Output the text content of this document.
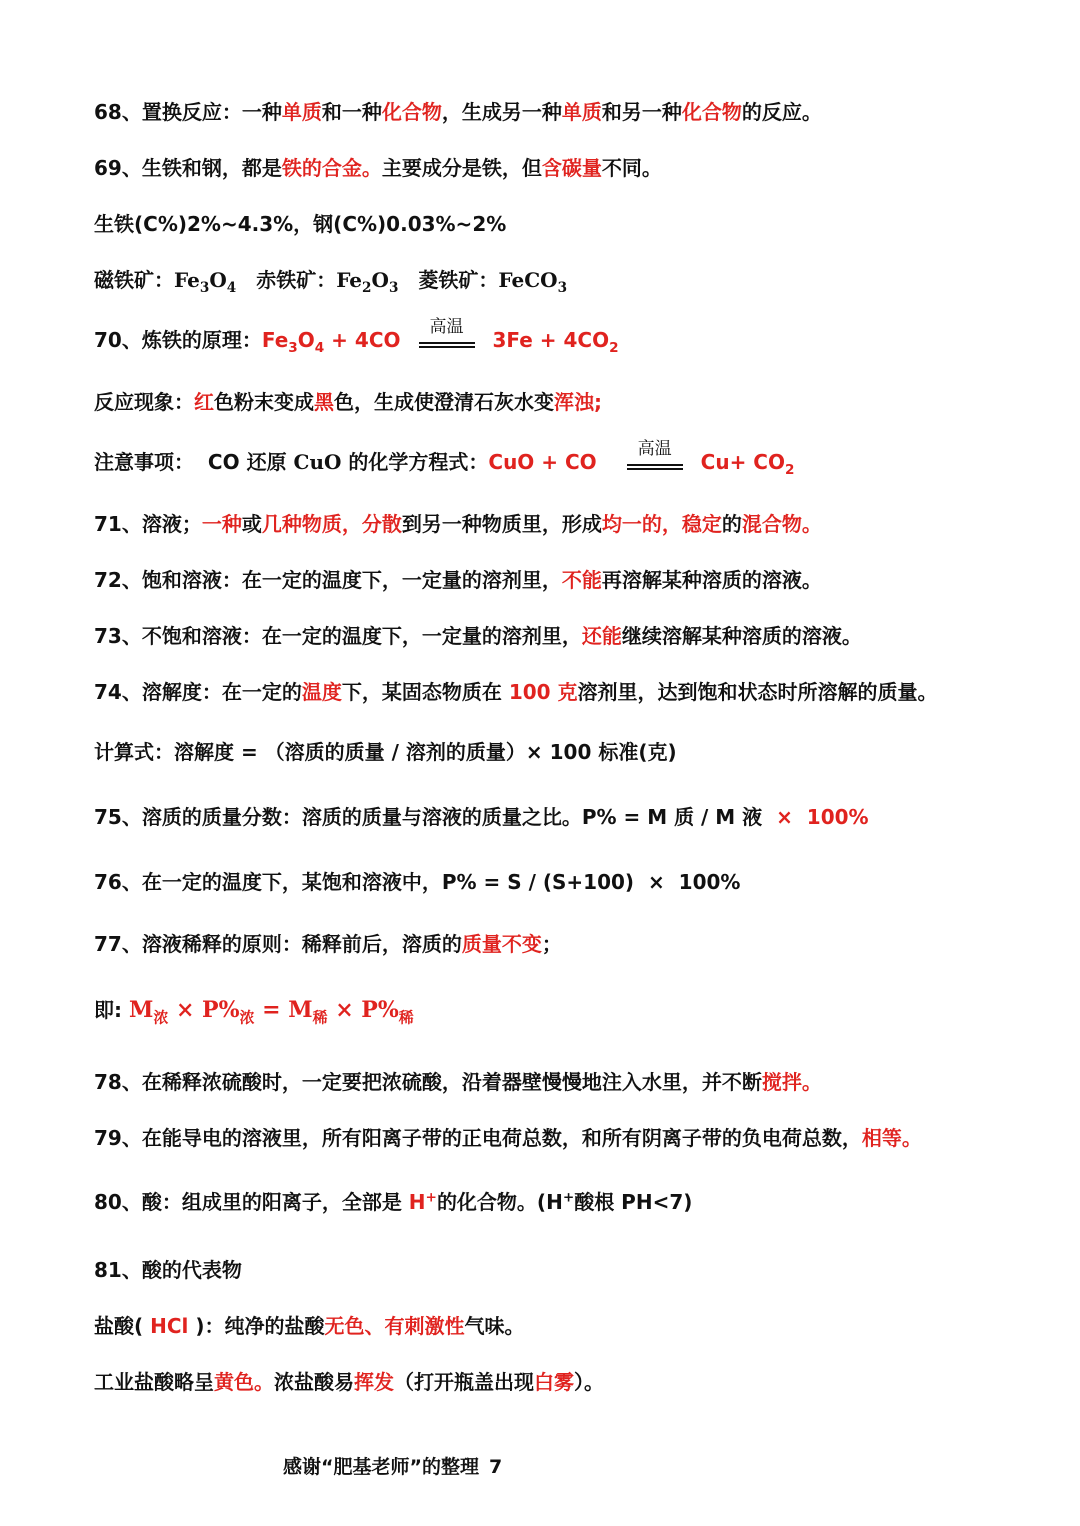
68、置换反应：一种单质和一种化合物，生成另一种单质和另一种化合物的反应。
69、生铁和钢，都是铁的合金。主要成分是铁，但含碳量不同。
生铁(C%)2%~4.3%，钢(C%)0.03%~2%
磁铁矿：$Fe_3O_4$ 赤铁矿：$Fe_2O_3$ 菱铁矿：FeCO$_3$
70、炼铁的原理：$Fe_3O_4 + 4CO$
高温
$3Fe + 4CO_2$
反应现象：红色粉末变成黑色，生成使澄清石灰水变浑浊;
注意事项：  CO 还原 CuO 的化学方程式：CuO + CO
高温
$Cu+ CO_2$
71、溶液；一种或几种物质，分散到另一种物质里，形成均一的，稳定的混合物。
72、饱和溶液：在一定的温度下，一定量的溶剂里，不能再溶解某种溶质的溶液。
73、不饱和溶液：在一定的温度下，一定量的溶剂里，还能继续溶解某种溶质的溶液。
74、溶解度：在一定的温度下，某固态物质在 100 克溶剂里，达到饱和状态时所溶解的质量。
计算式：溶解度 = （溶质的质量 / 溶剂的质量）× 100 标准(克)
75、溶质的质量分数：溶质的质量与溶液的质量之比。P% = M 质 / M 液  ×  100%
76、在一定的温度下，某饱和溶液中，P% = S / (S+100)  ×  100%
77、溶液稀释的原则：稀释前后，溶质的质量不变；
即: $M_浓 \times P\%_浓 = M_稀 \times P\%_稀$
78、在稀释浓硫酸时，一定要把浓硫酸，沿着器壁慢慢地注入水里，并不断搅拌。
79、在能导电的溶液里，所有阳离子带的正电荷总数，和所有阴离子带的负电荷总数，相等。
80、酸：组成里的阳离子，全部是 H+的化合物。(H+酸根 PH<7)
81、酸的代表物
盐酸( HCl )：纯净的盐酸无色、有刺激性气味。
工业盐酸略呈黄色。浓盐酸易挥发（打开瓶盖出现白雾）。
感谢“肥基老师”的整理 7
